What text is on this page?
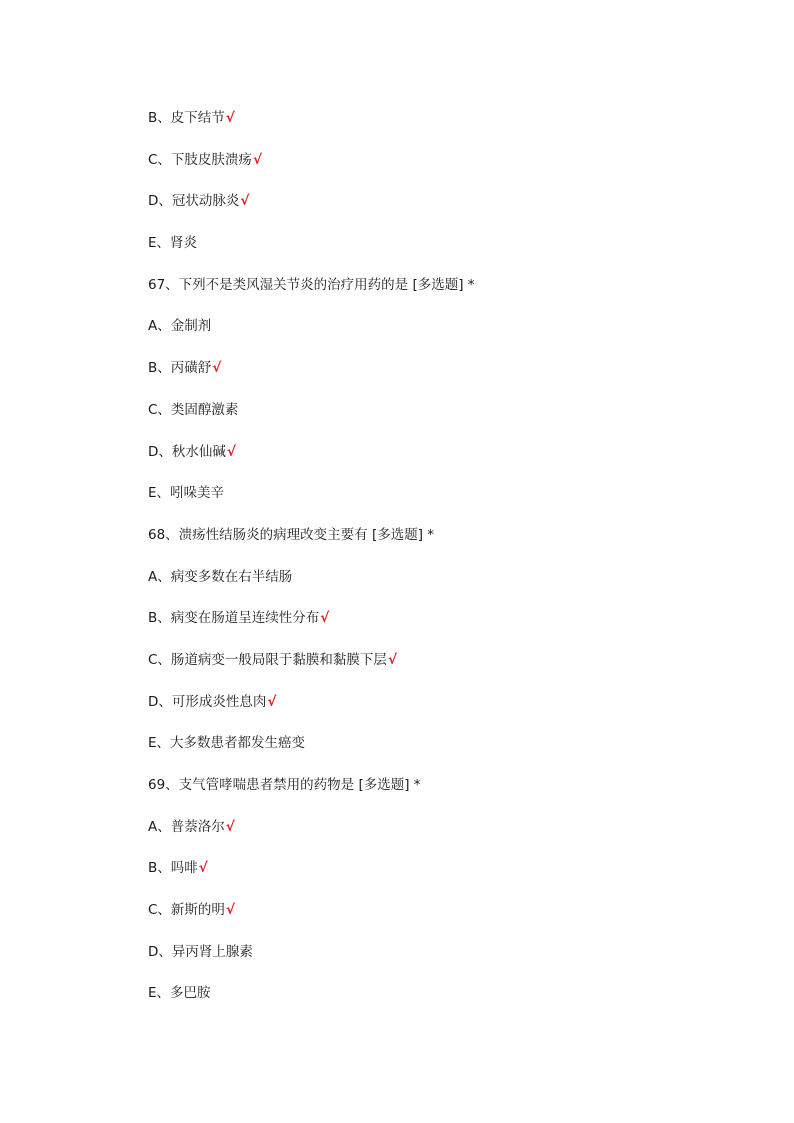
B、皮下结节√
C、下肢皮肤溃疡√
D、冠状动脉炎√
E、肾炎
67、下列不是类风湿关节炎的治疗用药的是 [多选题] *
A、金制剂
B、丙磺舒√
C、类固醇激素
D、秋水仙碱√
E、吲哚美辛
68、溃疡性结肠炎的病理改变主要有 [多选题] *
A、病变多数在右半结肠
B、病变在肠道呈连续性分布√
C、肠道病变一般局限于黏膜和黏膜下层√
D、可形成炎性息肉√
E、大多数患者都发生癌变
69、支气管哮喘患者禁用的药物是 [多选题] *
A、普萘洛尔√
B、吗啡√
C、新斯的明√
D、异丙肾上腺素
E、多巴胺
